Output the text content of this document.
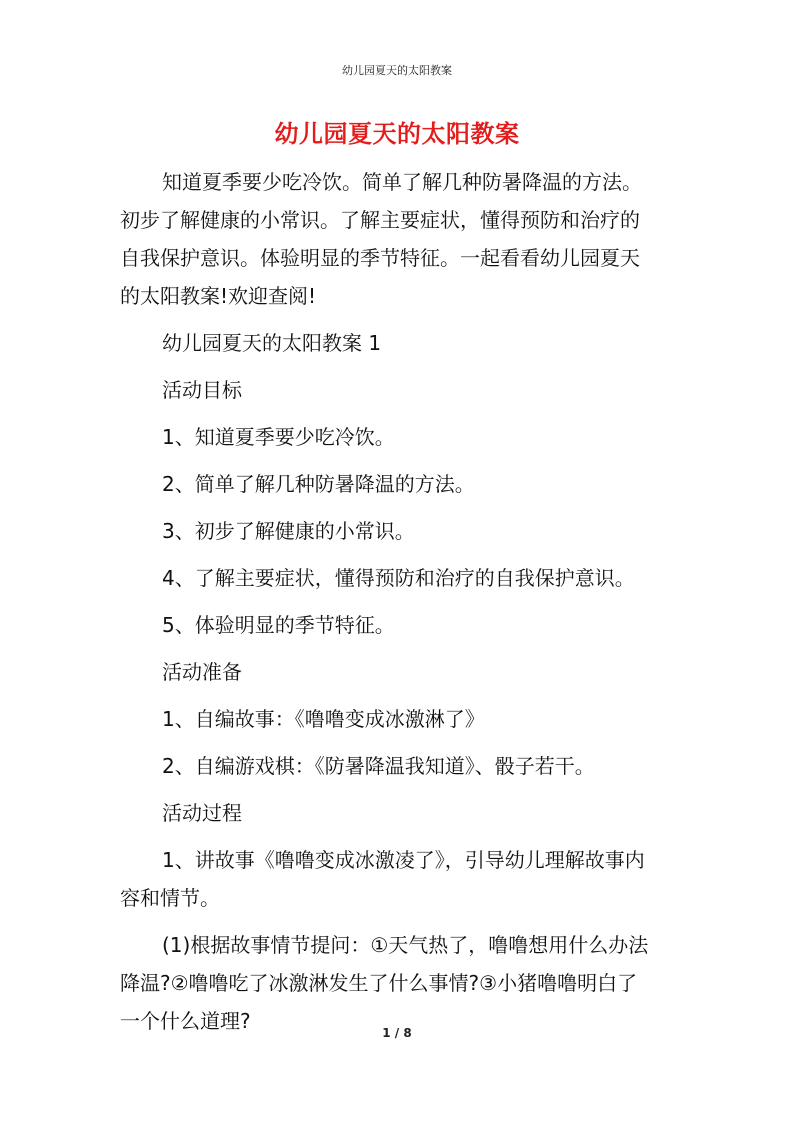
幼儿园夏天的太阳教案
幼儿园夏天的太阳教案

知道夏季要少吃冷饮。简单了解几种防暑降温的方法。
初步了解健康的小常识。了解主要症状，懂得预防和治疗的
自我保护意识。体验明显的季节特征。一起看看幼儿园夏天
的太阳教案!欢迎查阅!

幼儿园夏天的太阳教案 1

活动目标

1、知道夏季要少吃冷饮。

2、简单了解几种防暑降温的方法。

3、初步了解健康的小常识。

4、了解主要症状，懂得预防和治疗的自我保护意识。

5、体验明显的季节特征。

活动准备

1、自编故事：《噜噜变成冰激淋了》

2、自编游戏棋：《防暑降温我知道》、骰子若干。

活动过程

1、讲故事《噜噜变成冰激凌了》，引导幼儿理解故事内
容和情节。

(1)根据故事情节提问：①天气热了，噜噜想用什么办法
降温?②噜噜吃了冰激淋发生了什么事情?③小猪噜噜明白了
一个什么道理?	1 / 8
